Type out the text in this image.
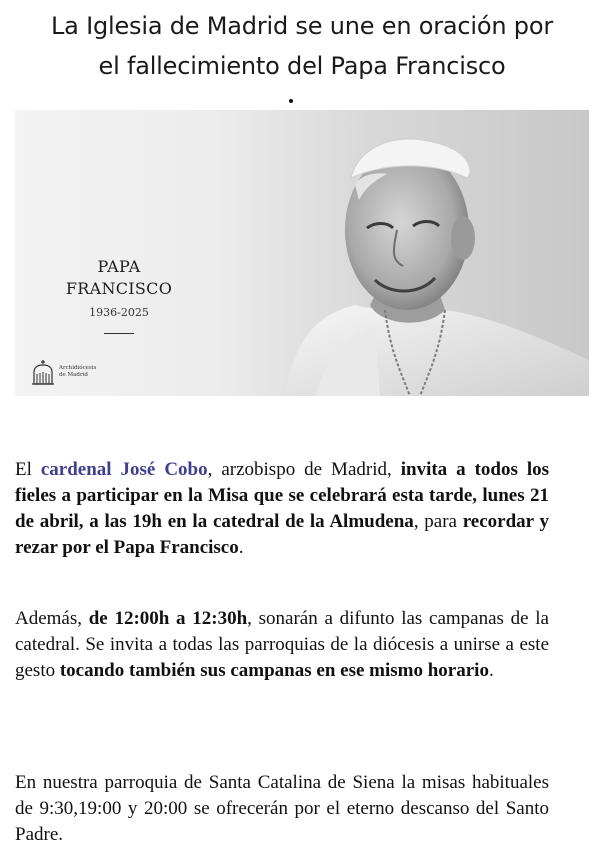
La Iglesia de Madrid se une en oración por
el fallecimiento del Papa Francisco
PAPA
FRANCISCO
1936-2025
Archidiócesis
de Madrid

El cardenal José Cobo, arzobispo de Madrid, invita a todos los fieles a participar en la Misa que se celebrará esta tarde, lunes 21 de abril, a las 19h en la catedral de la Almudena, para recordar y rezar por el Papa Francisco.

Además, de 12:00h a 12:30h, sonarán a difunto las campanas de la catedral. Se invita a todas las parroquias de la diócesis a unirse a este gesto tocando también sus campanas en ese mismo horario.

En nuestra parroquia de Santa Catalina de Siena la misas habituales de 9:30,19:00 y 20:00 se ofrecerán por el eterno descanso del Santo Padre.
